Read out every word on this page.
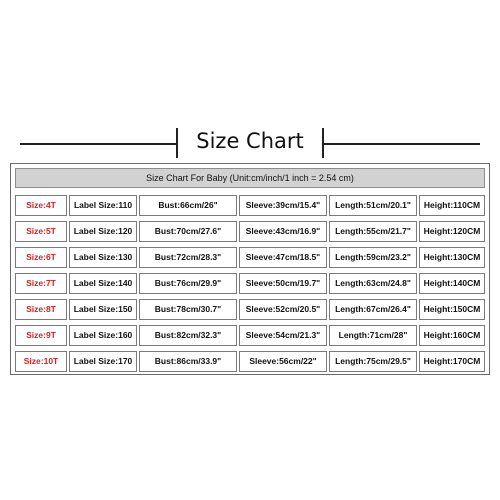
Size Chart
Size Chart For Baby (Unit:cm/inch/1 inch = 2.54 cm)
Size:4T	Label Size:110	Bust:66cm/26"	Sleeve:39cm/15.4"	Length:51cm/20.1"	Height:110CM
Size:5T	Label Size:120	Bust:70cm/27.6"	Sleeve:43cm/16.9"	Length:55cm/21.7"	Height:120CM
Size:6T	Label Size:130	Bust:72cm/28.3"	Sleeve:47cm/18.5"	Length:59cm/23.2"	Height:130CM
Size:7T	Label Size:140	Bust:76cm/29.9"	Sleeve:50cm/19.7"	Length:63cm/24.8"	Height:140CM
Size:8T	Label Size:150	Bust:78cm/30.7"	Sleeve:52cm/20.5"	Length:67cm/26.4"	Height:150CM
Size:9T	Label Size:160	Bust:82cm/32.3"	Sleeve:54cm/21.3"	Length:71cm/28"	Height:160CM
Size:10T	Label Size:170	Bust:86cm/33.9"	Sleeve:56cm/22"	Length:75cm/29.5"	Height:170CM
